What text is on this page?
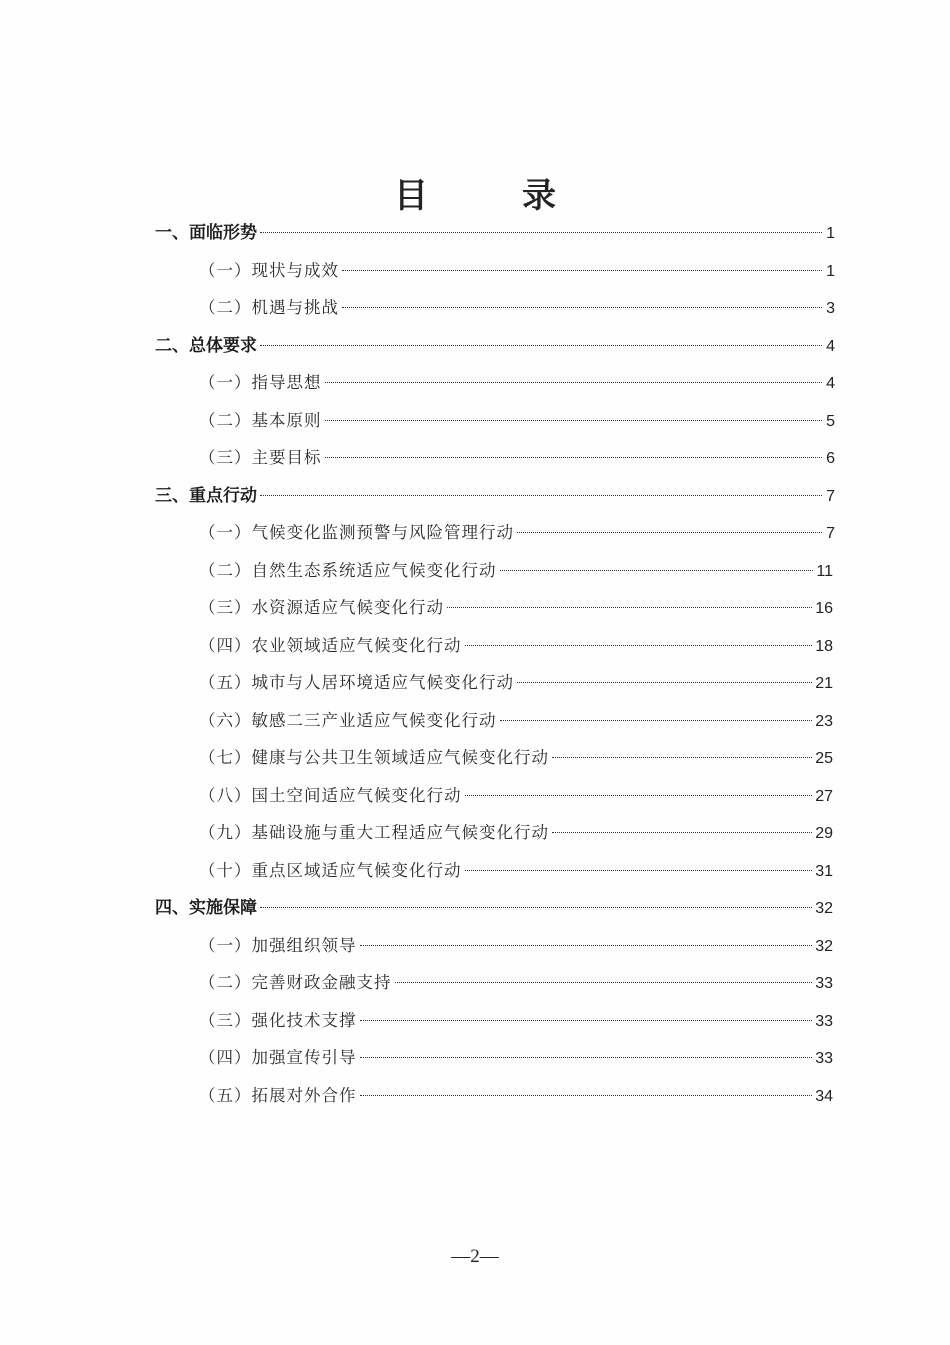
目　录
一、面临形势	1
（一）现状与成效	1
（二）机遇与挑战	3
二、总体要求	4
（一）指导思想	4
（二）基本原则	5
（三）主要目标	6
三、重点行动	7
（一）气候变化监测预警与风险管理行动	7
（二）自然生态系统适应气候变化行动	11
（三）水资源适应气候变化行动	16
（四）农业领域适应气候变化行动	18
（五）城市与人居环境适应气候变化行动	21
（六）敏感二三产业适应气候变化行动	23
（七）健康与公共卫生领域适应气候变化行动	25
（八）国土空间适应气候变化行动	27
（九）基础设施与重大工程适应气候变化行动	29
（十）重点区域适应气候变化行动	31
四、实施保障	32
（一）加强组织领导	32
（二）完善财政金融支持	33
（三）强化技术支撑	33
（四）加强宣传引导	33
（五）拓展对外合作	34
—2—
